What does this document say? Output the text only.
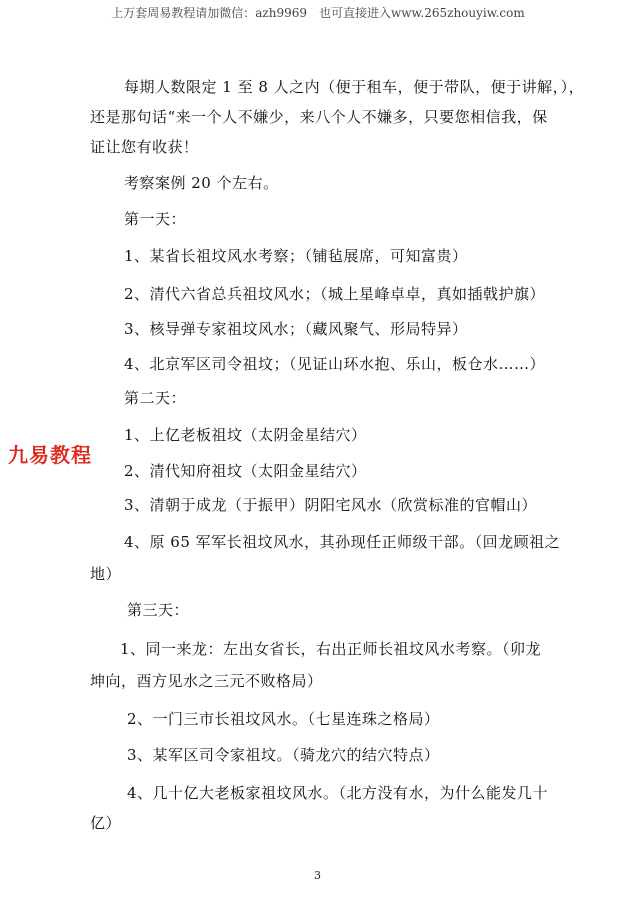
上万套周易教程请加微信：azh9969　也可直接进入www.265zhouyiw.com
每期人数限定 1 至 8 人之内（便于租车，便于带队，便于讲解，），
还是那句话“来一个人不嫌少，来八个人不嫌多，只要您相信我，保
证让您有收获！
考察案例 20 个左右。
第一天：
1、某省长祖坟风水考察；（铺毡展席，可知富贵）
2、清代六省总兵祖坟风水；（城上星峰卓卓，真如插戟护旗）
3、核导弹专家祖坟风水；（藏风聚气、形局特异）
4、北京军区司令祖坟；（见证山环水抱、乐山，板仓水……）
第二天：
1、上亿老板祖坟（太阴金星结穴）
2、清代知府祖坟（太阳金星结穴）
3、清朝于成龙（于振甲）阴阳宅风水（欣赏标准的官帽山）
4、原 65 军军长祖坟风水，其孙现任正师级干部。（回龙顾祖之
地）
第三天：
1、同一来龙：左出女省长，右出正师长祖坟风水考察。（卯龙
坤向，酉方见水之三元不败格局）
2、一门三市长祖坟风水。（七星连珠之格局）
3、某军区司令家祖坟。（骑龙穴的结穴特点）
4、几十亿大老板家祖坟风水。（北方没有水，为什么能发几十
亿）
九易教程
3
